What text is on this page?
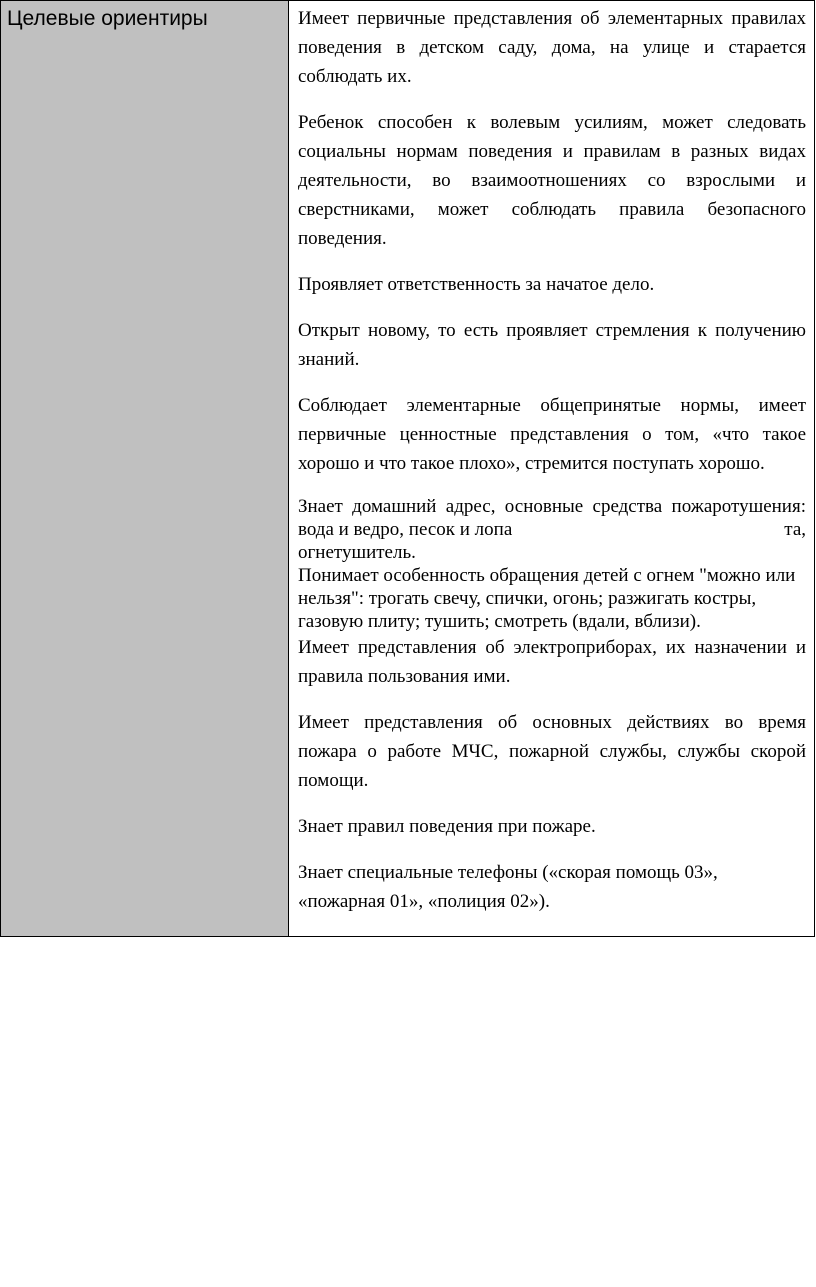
Целевые ориентиры	Имеет первичные представления об элементарных правилах поведения в детском саду, дома, на улице и старается соблюдать их.

Ребенок способен к волевым усилиям, может следовать социальны нормам поведения и правилам в разных видах деятельности, во взаимоотношениях со взрослыми и сверстниками, может соблюдать правила безопасного поведения.

Проявляет ответственность за начатое дело.

Открыт новому, то есть проявляет стремления к получению знаний.

Соблюдает элементарные общепринятые нормы, имеет первичные ценностные представления о том, «что такое хорошо и что такое плохо», стремится поступать хорошо.

Знает домашний адрес, основные средства пожаротушения: вода и ведро, песок и лопа	та,

огнетушитель.

Понимает особенность обращения детей с огнем "можно или нельзя": трогать свечу, спички, огонь; разжигать костры, газовую плиту; тушить; смотреть (вдали, вблизи).

Имеет представления об электроприборах, их назначении и правила пользования ими.

Имеет представления об основных действиях во время пожара о работе МЧС, пожарной службы, службы скорой помощи.

Знает правил поведения при пожаре.

Знает специальные телефоны («скорая помощь 03», «пожарная 01», «полиция 02»).
